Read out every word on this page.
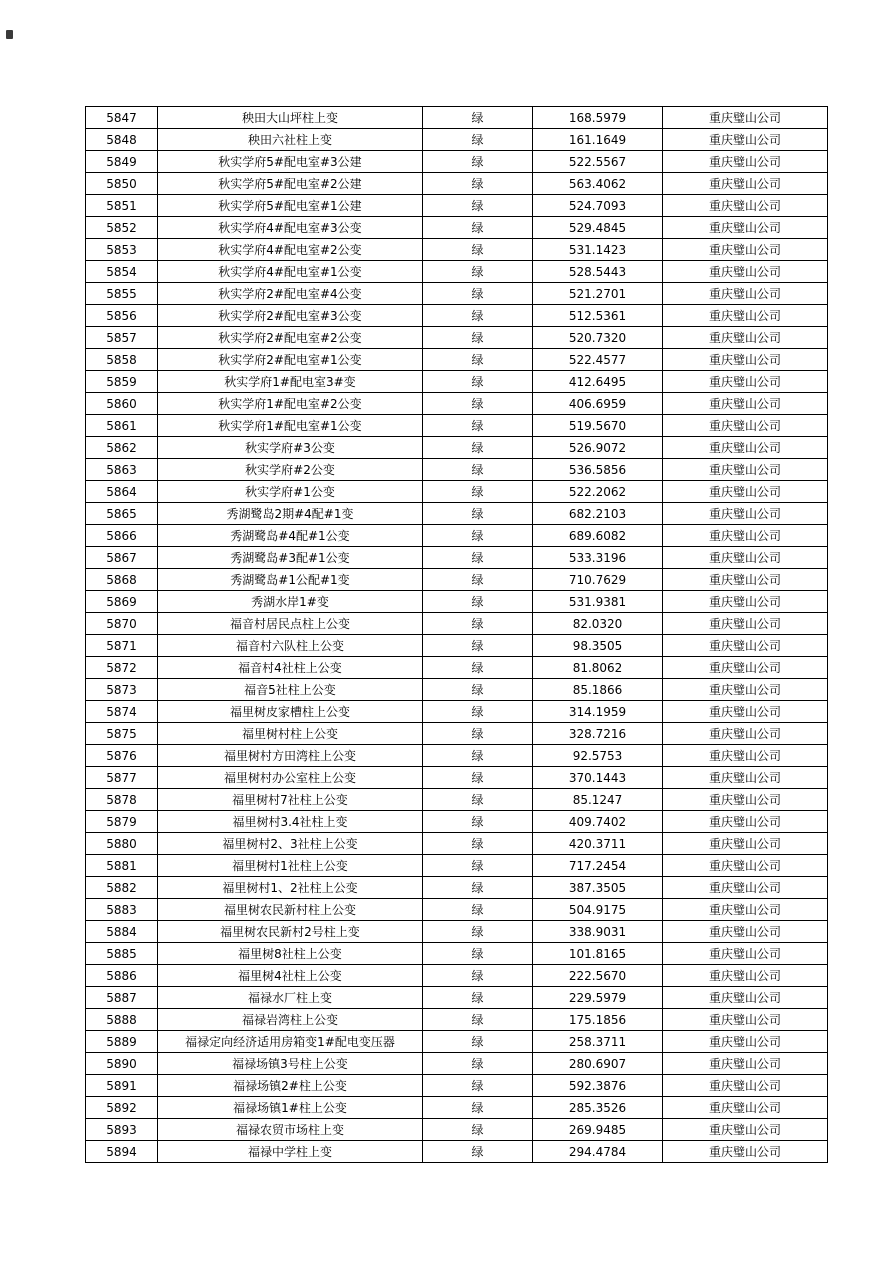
5847	秧田大山坪柱上变	绿	168.5979	重庆璧山公司
5848	秧田六社柱上变	绿	161.1649	重庆璧山公司
5849	秋实学府5#配电室#3公建	绿	522.5567	重庆璧山公司
5850	秋实学府5#配电室#2公建	绿	563.4062	重庆璧山公司
5851	秋实学府5#配电室#1公建	绿	524.7093	重庆璧山公司
5852	秋实学府4#配电室#3公变	绿	529.4845	重庆璧山公司
5853	秋实学府4#配电室#2公变	绿	531.1423	重庆璧山公司
5854	秋实学府4#配电室#1公变	绿	528.5443	重庆璧山公司
5855	秋实学府2#配电室#4公变	绿	521.2701	重庆璧山公司
5856	秋实学府2#配电室#3公变	绿	512.5361	重庆璧山公司
5857	秋实学府2#配电室#2公变	绿	520.7320	重庆璧山公司
5858	秋实学府2#配电室#1公变	绿	522.4577	重庆璧山公司
5859	秋实学府1#配电室3#变	绿	412.6495	重庆璧山公司
5860	秋实学府1#配电室#2公变	绿	406.6959	重庆璧山公司
5861	秋实学府1#配电室#1公变	绿	519.5670	重庆璧山公司
5862	秋实学府#3公变	绿	526.9072	重庆璧山公司
5863	秋实学府#2公变	绿	536.5856	重庆璧山公司
5864	秋实学府#1公变	绿	522.2062	重庆璧山公司
5865	秀湖鹭岛2期#4配#1变	绿	682.2103	重庆璧山公司
5866	秀湖鹭岛#4配#1公变	绿	689.6082	重庆璧山公司
5867	秀湖鹭岛#3配#1公变	绿	533.3196	重庆璧山公司
5868	秀湖鹭岛#1公配#1变	绿	710.7629	重庆璧山公司
5869	秀湖水岸1#变	绿	531.9381	重庆璧山公司
5870	福音村居民点柱上公变	绿	82.0320	重庆璧山公司
5871	福音村六队柱上公变	绿	98.3505	重庆璧山公司
5872	福音村4社柱上公变	绿	81.8062	重庆璧山公司
5873	福音5社柱上公变	绿	85.1866	重庆璧山公司
5874	福里树皮家槽柱上公变	绿	314.1959	重庆璧山公司
5875	福里树村柱上公变	绿	328.7216	重庆璧山公司
5876	福里树村方田湾柱上公变	绿	92.5753	重庆璧山公司
5877	福里树村办公室柱上公变	绿	370.1443	重庆璧山公司
5878	福里树村7社柱上公变	绿	85.1247	重庆璧山公司
5879	福里树村3.4社柱上变	绿	409.7402	重庆璧山公司
5880	福里树村2、3社柱上公变	绿	420.3711	重庆璧山公司
5881	福里树村1社柱上公变	绿	717.2454	重庆璧山公司
5882	福里树村1、2社柱上公变	绿	387.3505	重庆璧山公司
5883	福里树农民新村柱上公变	绿	504.9175	重庆璧山公司
5884	福里树农民新村2号柱上变	绿	338.9031	重庆璧山公司
5885	福里树8社柱上公变	绿	101.8165	重庆璧山公司
5886	福里树4社柱上公变	绿	222.5670	重庆璧山公司
5887	福禄水厂柱上变	绿	229.5979	重庆璧山公司
5888	福禄岩湾柱上公变	绿	175.1856	重庆璧山公司
5889	福禄定向经济适用房箱变1#配电变压器	绿	258.3711	重庆璧山公司
5890	福禄场镇3号柱上公变	绿	280.6907	重庆璧山公司
5891	福禄场镇2#柱上公变	绿	592.3876	重庆璧山公司
5892	福禄场镇1#柱上公变	绿	285.3526	重庆璧山公司
5893	福禄农贸市场柱上变	绿	269.9485	重庆璧山公司
5894	福禄中学柱上变	绿	294.4784	重庆璧山公司
